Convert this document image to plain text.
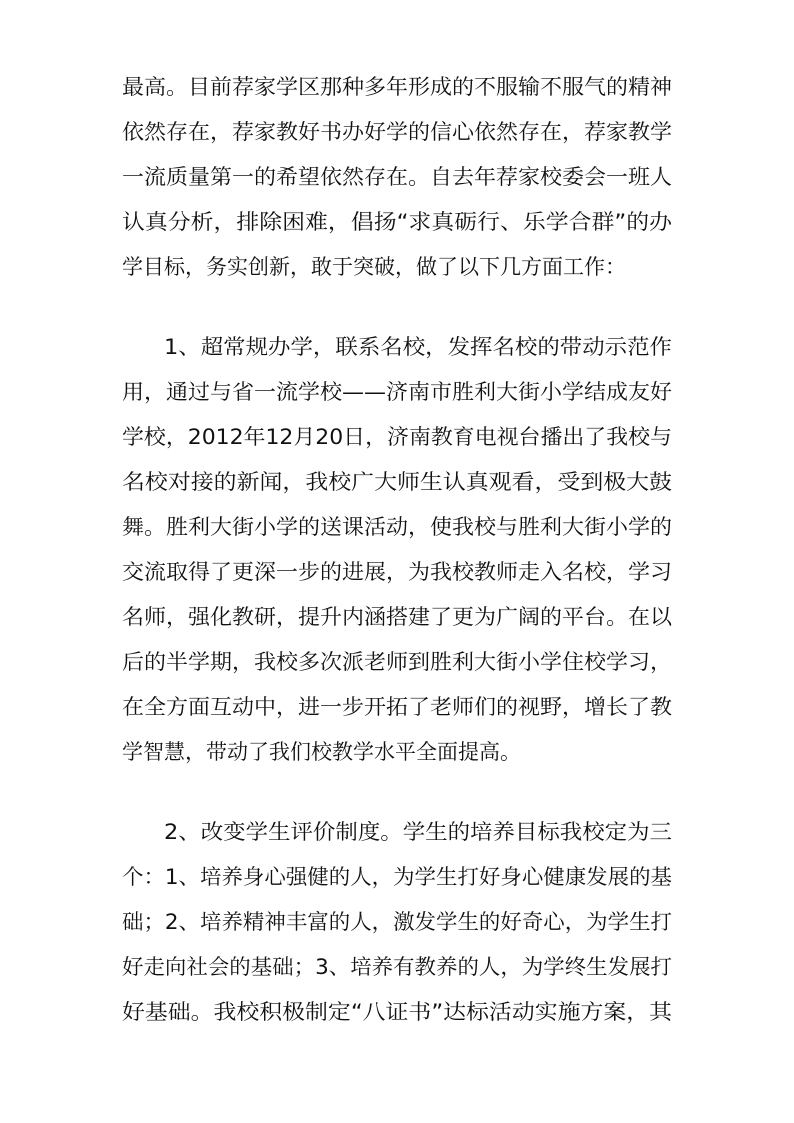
最高。目前荐家学区那种多年形成的不服输不服气的精神
依然存在，荐家教好书办好学的信心依然存在，荐家教学
一流质量第一的希望依然存在。自去年荐家校委会一班人
认真分析，排除困难，倡扬“求真砺行、乐学合群”的办
学目标，务实创新，敢于突破，做了以下几方面工作：
1、超常规办学，联系名校，发挥名校的带动示范作
用，通过与省一流学校——济南市胜利大街小学结成友好
学校，2012年12月20日，济南教育电视台播出了我校与
名校对接的新闻，我校广大师生认真观看，受到极大鼓
舞。胜利大街小学的送课活动，使我校与胜利大街小学的
交流取得了更深一步的进展，为我校教师走入名校，学习
名师，强化教研，提升内涵搭建了更为广阔的平台。在以
后的半学期，我校多次派老师到胜利大街小学住校学习，
在全方面互动中，进一步开拓了老师们的视野，增长了教
学智慧，带动了我们校教学水平全面提高。
2、改变学生评价制度。学生的培养目标我校定为三
个：1、培养身心强健的人，为学生打好身心健康发展的基
础；2、培养精神丰富的人，激发学生的好奇心，为学生打
好走向社会的基础；3、培养有教养的人，为学终生发展打
好基础。我校积极制定“八证书”达标活动实施方案，其
